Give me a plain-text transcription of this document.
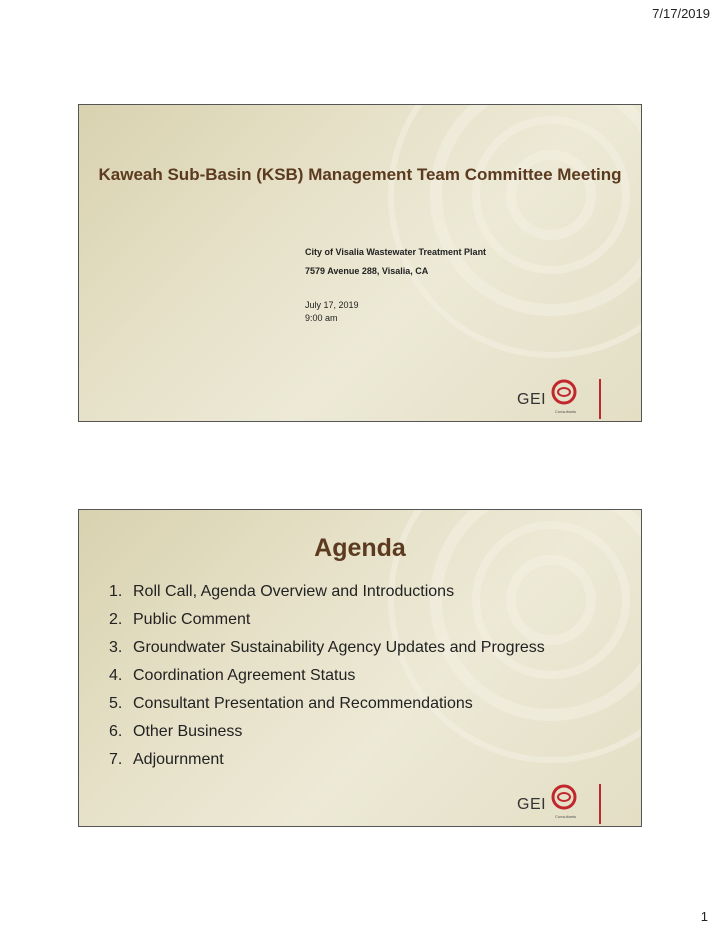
7/17/2019
Kaweah Sub-Basin (KSB) Management Team Committee Meeting
City of Visalia Wastewater Treatment Plant
7579 Avenue 288, Visalia, CA
July 17, 2019
9:00 am
GEI
Consultants
Agenda
1. Roll Call, Agenda Overview and Introductions
2. Public Comment
3. Groundwater Sustainability Agency Updates and Progress
4. Coordination Agreement Status
5. Consultant Presentation and Recommendations
6. Other Business
7. Adjournment
GEI
Consultants
1
